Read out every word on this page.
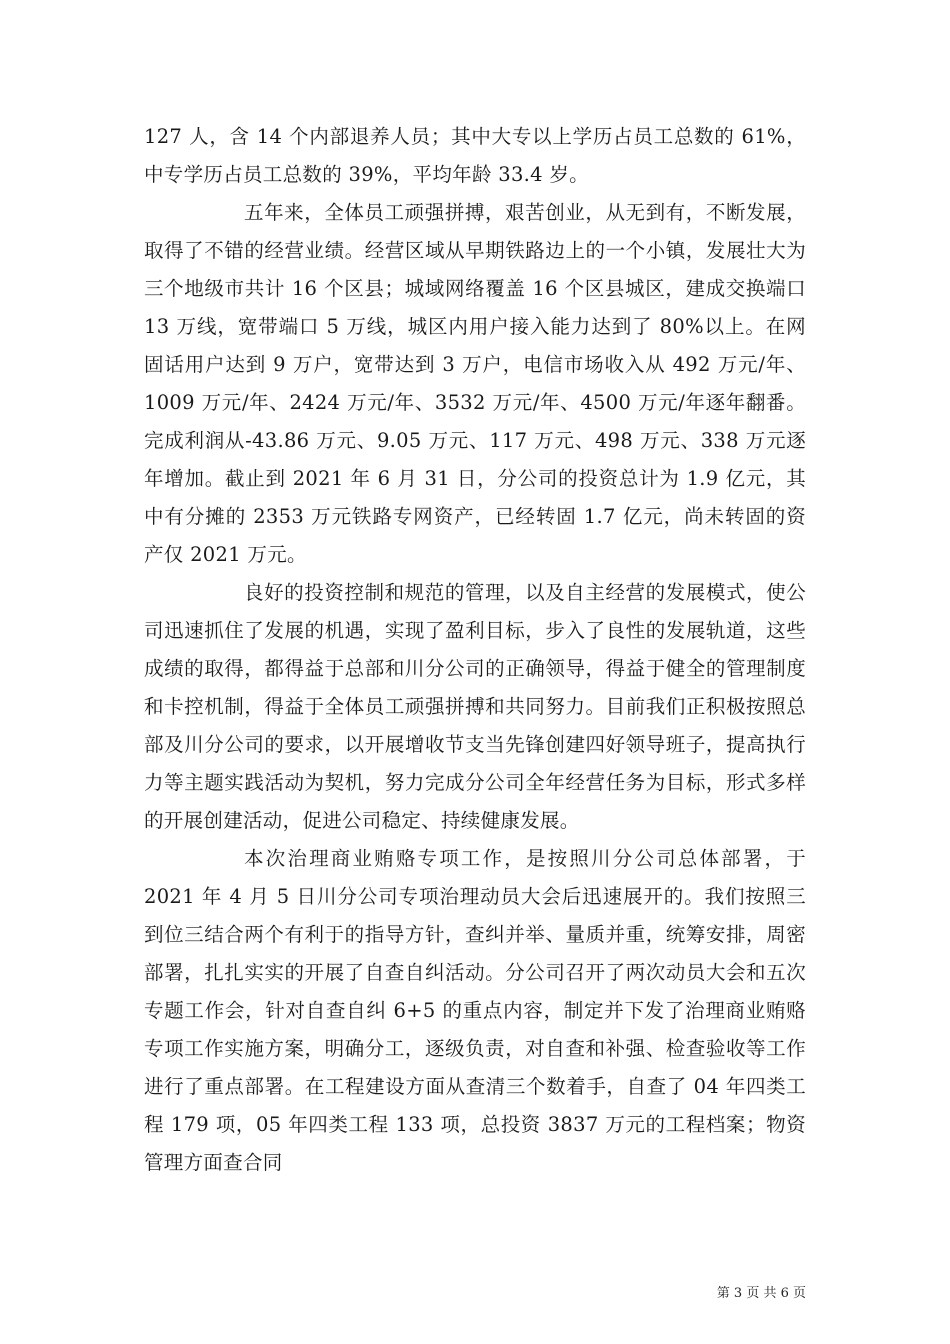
127 人，含 14 个内部退养人员；其中大专以上学历占员工总数的 61%，中专学历占员工总数的 39%，平均年龄 33.4 岁。

五年来，全体员工顽强拼搏，艰苦创业，从无到有，不断发展，取得了不错的经营业绩。经营区域从早期铁路边上的一个小镇，发展壮大为三个地级市共计 16 个区县；城域网络覆盖 16 个区县城区，建成交换端口 13 万线，宽带端口 5 万线，城区内用户接入能力达到了 80%以上。在网固话用户达到 9 万户，宽带达到 3 万户，电信市场收入从 492 万元/年、1009 万元/年、2424 万元/年、3532 万元/年、4500 万元/年逐年翻番。完成利润从-43.86 万元、9.05 万元、117 万元、498 万元、338 万元逐年增加。截止到 2021 年 6 月 31 日，分公司的投资总计为 1.9 亿元，其中有分摊的 2353 万元铁路专网资产，已经转固 1.7 亿元，尚未转固的资产仅 2021 万元。

良好的投资控制和规范的管理，以及自主经营的发展模式，使公司迅速抓住了发展的机遇，实现了盈利目标，步入了良性的发展轨道，这些成绩的取得，都得益于总部和川分公司的正确领导，得益于健全的管理制度和卡控机制，得益于全体员工顽强拼搏和共同努力。目前我们正积极按照总部及川分公司的要求，以开展增收节支当先锋创建四好领导班子，提高执行力等主题实践活动为契机，努力完成分公司全年经营任务为目标，形式多样的开展创建活动，促进公司稳定、持续健康发展。

本次治理商业贿赂专项工作，是按照川分公司总体部署，于 2021 年 4 月 5 日川分公司专项治理动员大会后迅速展开的。我们按照三到位三结合两个有利于的指导方针，查纠并举、量质并重，统筹安排，周密部署，扎扎实实的开展了自查自纠活动。分公司召开了两次动员大会和五次专题工作会，针对自查自纠 6+5 的重点内容，制定并下发了治理商业贿赂专项工作实施方案，明确分工，逐级负责，对自查和补强、检查验收等工作进行了重点部署。在工程建设方面从查清三个数着手，自查了 04 年四类工程 179 项，05 年四类工程 133 项，总投资 3837 万元的工程档案；物资管理方面查合同

第 3 页 共 6 页
